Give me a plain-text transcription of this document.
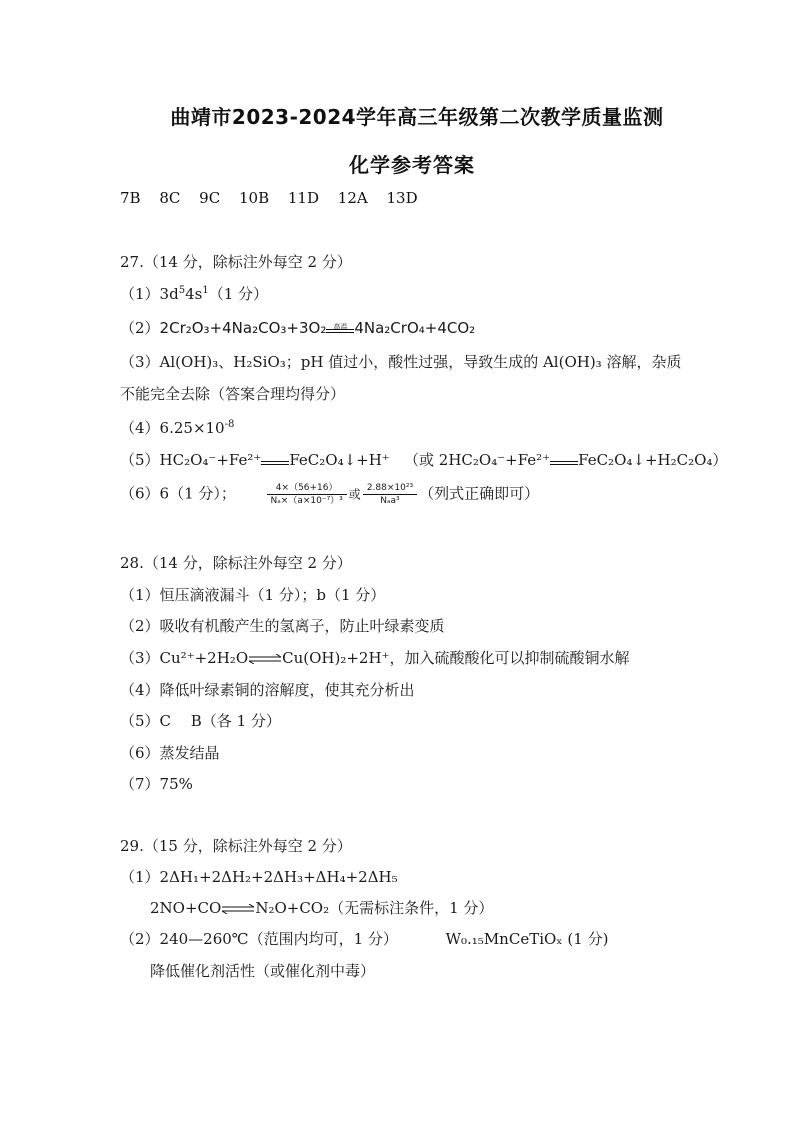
曲靖市2023-2024学年高三年级第二次教学质量监测
化学参考答案
7B 8C 9C 10B 11D 12A 13D
27.（14 分，除标注外每空 2 分）
$(1)3d^54s^1(1$ 分）
（2）2Cr₂O₃+4Na₂CO₃+3O₂	高温 4Na₂CrO₄+4CO₂
（3）Al(OH)₃、H₂SiO₃；pH 值过小，酸性过强，导致生成的 Al(OH)₃ 溶解，杂质
不能完全去除（答案合理均得分）
$(4)6.25\times 10^{-8}$
（5）HC₂O₄⁻+Fe²⁺ FeC₂O₄↓+H⁺ （或 2HC₂O₄⁻+Fe²⁺ FeC₂O₄↓+H₂C₂O₄）
（6）6（1 分）；	$\frac{4\times(56+16)}{\text{Nₐ×（a×10⁻⁷）³}}$ 或 $\frac{\text{2.88×10²³}}{\text{Nₐa³}}$ （列式正确即可）
28.（14 分，除标注外每空 2 分）
（1）恒压滴液漏斗（1 分）；b（1 分）
（2）吸收有机酸产生的氢离子，防止叶绿素变质
（3）Cu²⁺+2H₂O⇌Cu(OH)₂+2H⁺，加入硫酸酸化可以抑制硫酸铜水解
（4）降低叶绿素铜的溶解度，使其充分析出
（5）C　 B（各 1 分）
（6）蒸发结晶
（7）75%
29.（15 分，除标注外每空 2 分）
（1）2ΔH₁+2ΔH₂+2ΔH₃+ΔH₄+2ΔH₅
2NO+CO⇌N₂O+CO₂（无需标注条件，1 分）
（2）240—260℃（范围内均可，1 分）	W₀.₁₅MnCeTiOₓ (1 分)
降低催化剂活性（或催化剂中毒）
